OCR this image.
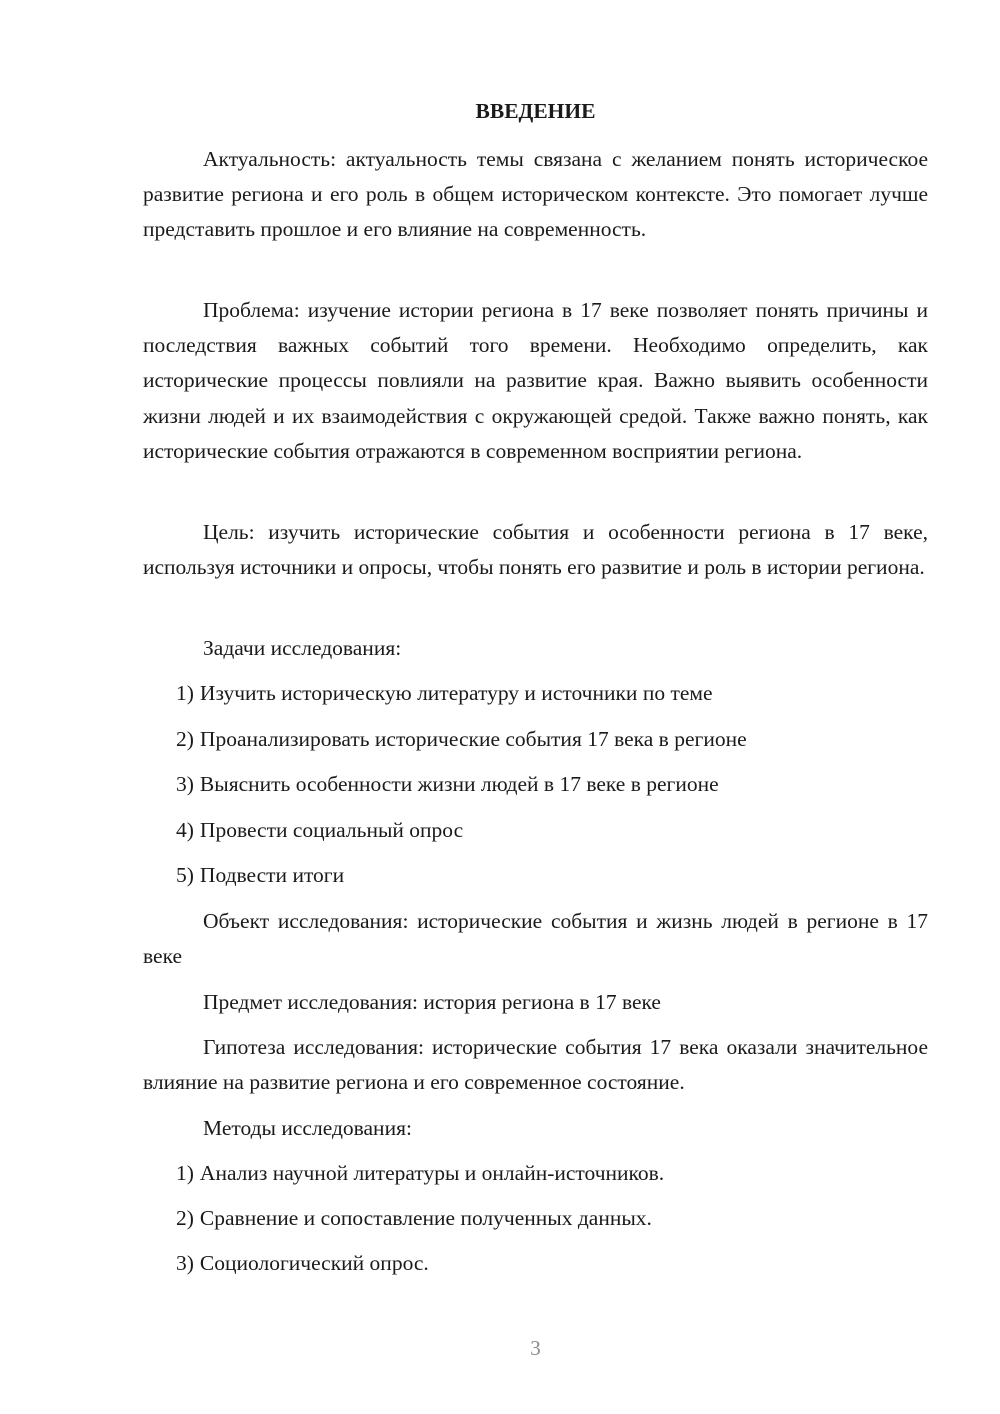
ВВЕДЕНИЕ

Актуальность: актуальность темы связана с желанием понять историческое развитие региона и его роль в общем историческом контексте. Это помогает лучше представить прошлое и его влияние на современность.

Проблема: изучение истории региона в 17 веке позволяет понять причины и последствия важных событий того времени. Необходимо определить, как исторические процессы повлияли на развитие края. Важно выявить особенности жизни людей и их взаимодействия с окружающей средой. Также важно понять, как исторические события отражаются в современном восприятии региона.

Цель: изучить исторические события и особенности региона в 17 веке, используя источники и опросы, чтобы понять его развитие и роль в истории региона.

Задачи исследования:

1) Изучить историческую литературу и источники по теме

2) Проанализировать исторические события 17 века в регионе

3) Выяснить особенности жизни людей в 17 веке в регионе

4) Провести социальный опрос

5) Подвести итоги

Объект исследования: исторические события и жизнь людей в регионе в 17 веке

Предмет исследования: история региона в 17 веке

Гипотеза исследования: исторические события 17 века оказали значительное влияние на развитие региона и его современное состояние.

Методы исследования:

1) Анализ научной литературы и онлайн-источников.

2) Сравнение и сопоставление полученных данных.

3) Социологический опрос.

3
